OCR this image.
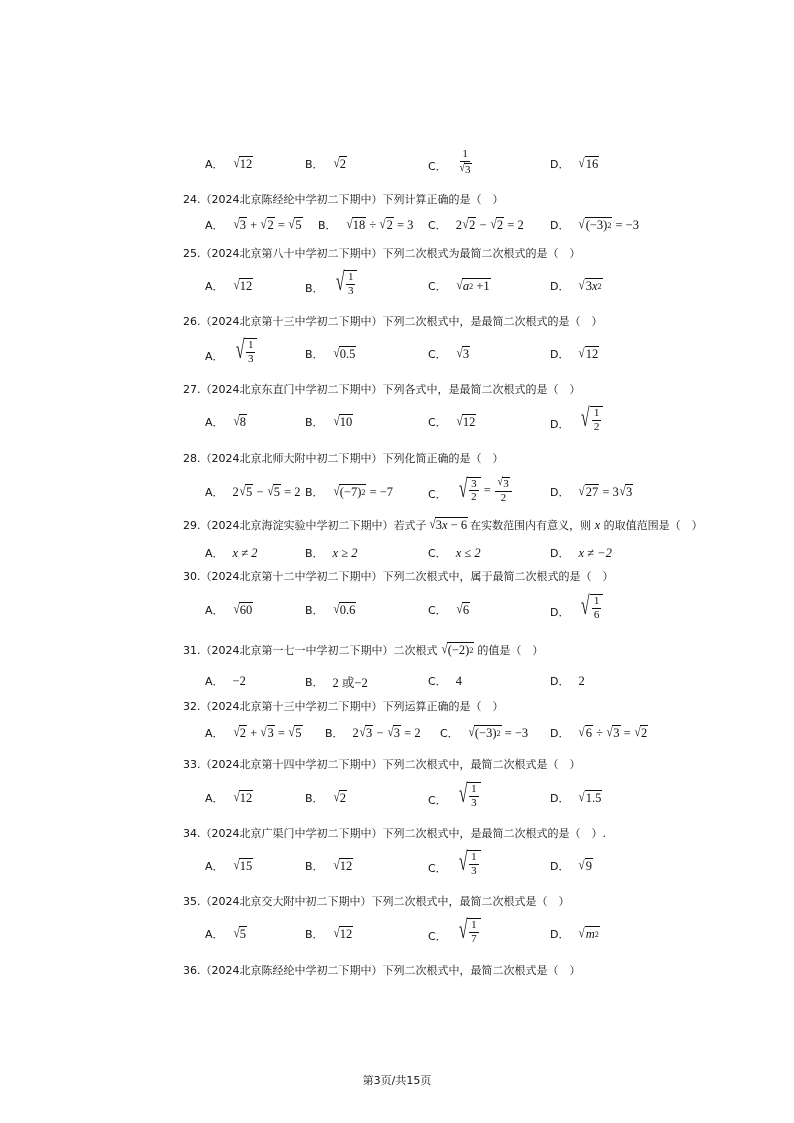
A． √ 12	B． √ 2	C． $\frac{1}{√ 3}$	D． √ 16
24.（2024北京陈经纶中学初二下期中）下列计算正确的是（　）
A． √ 3 + √ 2 = √ 5 B． √ 18 ÷ √ 2 = 3 C． 2 √ 2 − √ 2 = 2 D． √ (−3) 2 = −3
25.（2024北京第八十中学初二下期中）下列二次根式为最简二次根式的是（　）
A． √ 12	B． √ $\frac{1}{3}$	C． √ a 2 +1	D． √ 3 x 2
26.（2024北京第十三中学初二下期中）下列二次根式中，是最简二次根式的是（　）
A． √ $\frac{1}{3}$	B． √ 0.5	C． √ 3	D． √ 12
27.（2024北京东直门中学初二下期中）下列各式中，是最简二次根式的是（　）
A． √ 8	B． √ 10	C． √ 12	D． √ $\frac{1}{2}$
28.（2024北京北师大附中初二下期中）下列化简正确的是（　）
A． 2 √ 5 − √ 5 = 2 B． √ (−7) 2 = −7	C． √ $\frac{3}{2} = \frac{√ 3}{2}$	D． √ 27 = 3 √ 3
29.（2024北京海淀实验中学初二下期中）若式子 √ 3 x − 6 在实数范围内有意义，则
x
的取值范围是（　）
A． x ≠ 2	B． x ≥ 2	C． x ≤ 2	D． x ≠ −2
30.（2024北京第十二中学初二下期中）下列二次根式中，属于最简二次根式的是（　）
A． √ 60	B． √ 0.6	C． √ 6	D． √ $\frac{1}{6}$
31.（2024北京第一七一中学初二下期中）二次根式 √ (−2) 2 的值是（　）
A． −2	B． 2 或−2	C． 4	D． 2
32.（2024北京第十三中学初二下期中）下列运算正确的是（　）
A． √ 2 + √ 3 = √ 5 B． 2 √ 3 − √ 3 = 2 C． √ (−3) 2 = −3 D． √ 6 ÷ √ 3 = √ 2
33.（2024北京第十四中学初二下期中）下列二次根式中，最简二次根式是（　）
A． √ 12	B． √ 2	C． √ $\frac{1}{3}$	D． √ 1.5
34.（2024北京广渠门中学初二下期中）下列二次根式中，是最简二次根式的是（　）.
A． √ 15	B． √ 12	C． √ $\frac{1}{3}$	D． √ 9
35.（2024北京交大附中初二下期中）下列二次根式中，最简二次根式是（　）
A． √ 5	B． √ 12	C． √ $\frac{1}{7}$	D． √ m 2
36.（2024北京陈经纶中学初二下期中）下列二次根式中，最简二次根式是（　）
第3页/共15页
